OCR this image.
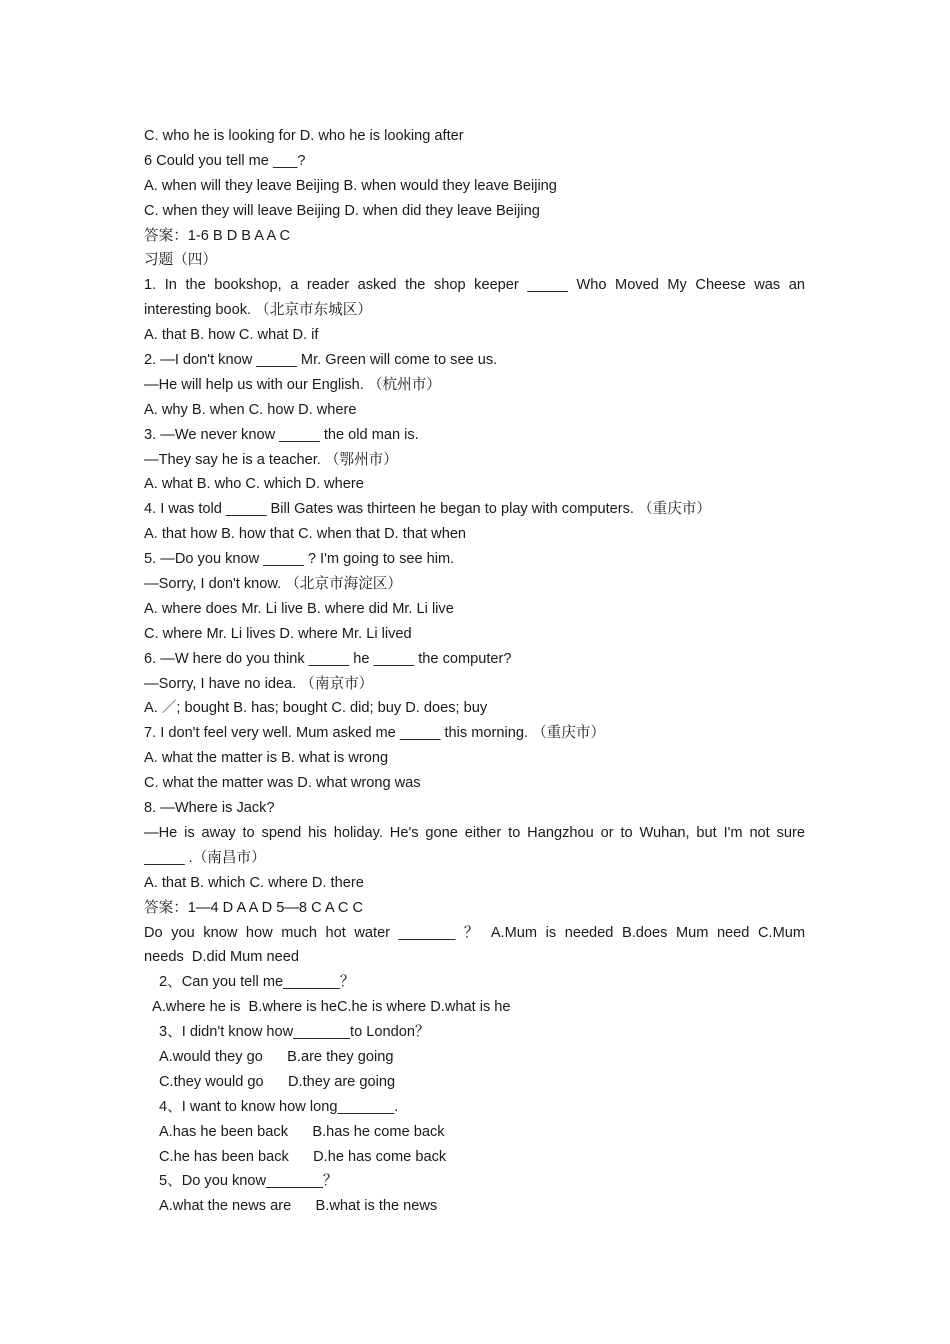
C. who he is looking for D. who he is looking after
6 Could you tell me ___?
A. when will they leave Beijing B. when would they leave Beijing
C. when they will leave Beijing D. when did they leave Beijing
答案：1-6 B D B A A C
习题（四）
1. In the bookshop, a reader asked the shop keeper _____ Who Moved My Cheese was an
interesting book. （北京市东城区）
A. that B. how C. what D. if
2. —I don't know _____ Mr. Green will come to see us.
—He will help us with our English. （杭州市）
A. why B. when C. how D. where
3. —We never know _____ the old man is.
—They say he is a teacher. （鄂州市）
A. what B. who C. which D. where
4. I was told _____ Bill Gates was thirteen he began to play with computers. （重庆市）
A. that how B. how that C. when that D. that when
5. —Do you know _____ ? I'm going to see him.
—Sorry, I don't know. （北京市海淀区）
A. where does Mr. Li live B. where did Mr. Li live
C. where Mr. Li lives D. where Mr. Li lived
6. —W here do you think _____ he _____ the computer?
—Sorry, I have no idea. （南京市）
A. ／; bought B. has; bought C. did; buy D. does; buy
7. I don't feel very well. Mum asked me _____ this morning. （重庆市）
A. what the matter is B. what is wrong
C. what the matter was D. what wrong was
8. —Where is Jack?
—He is away to spend his holiday. He's gone either to Hangzhou or to Wuhan, but I'm not sure
_____ .（南昌市）
A. that B. which C. where D. there
答案：1—4 D A A D 5—8 C A C C
Do you know how much hot water _______ ？ A.Mum is needed B.does Mum need C.Mum
needs  D.did Mum need
2、Can you tell me_______？
A.where he is  B.where is heC.he is where D.what is he
3、I didn't know how_______to London？
A.would they go      B.are they going
C.they would go      D.they are going
4、I want to know how long_______.
A.has he been back      B.has he come back
C.he has been back      D.he has come back
5、Do you know_______？
A.what the news are      B.what is the news
